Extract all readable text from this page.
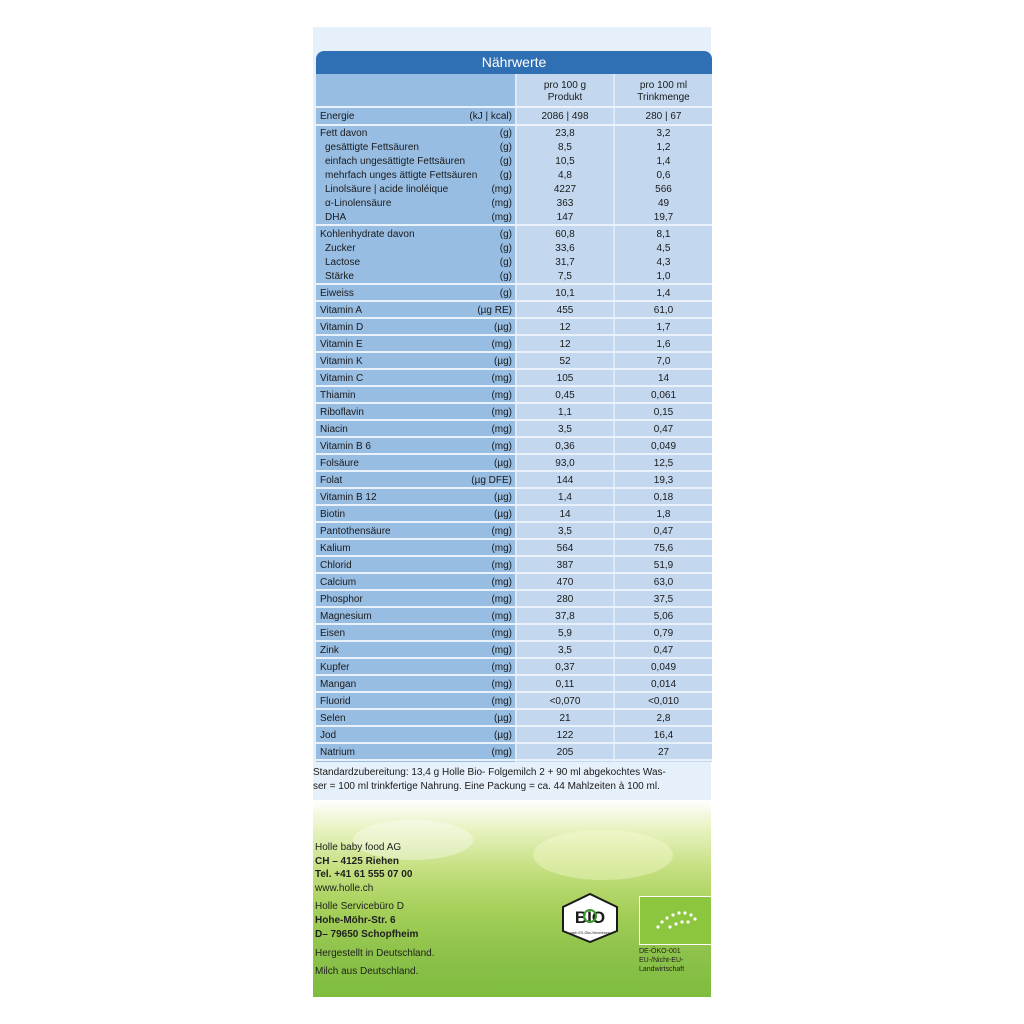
Nährwerte
pro 100 g
Produkt
pro 100 ml
Trinkmenge
Energie	(kJ | kcal)	2086 | 498	280 | 67
Fett davon	(g)	23,8	3,2
gesättigte Fettsäuren	(g)	8,5	1,2
einfach ungesättigte Fettsäuren	(g)	10,5	1,4
mehrfach unges ättigte Fettsäuren (g)	4,8	0,6
Linolsäure | acide linoléique	(mg)	4227	566
α-Linolensäure	(mg)	363	49
DHA	(mg)	147	19,7
Kohlenhydrate davon	(g)	60,8	8,1
Zucker	(g)	33,6	4,5
Lactose	(g)	31,7	4,3
Stärke	(g)	7,5	1,0
Eiweiss	(g)	10,1	1,4
Vitamin A	(µg RE)	455	61,0
Vitamin D	(µg)	12	1,7
Vitamin E	(mg)	12	1,6
Vitamin K	(µg)	52	7,0
Vitamin C	(mg)	105	14
Thiamin	(mg)	0,45	0,061
Riboflavin	(mg)	1,1	0,15
Niacin	(mg)	3,5	0,47
Vitamin B 6	(mg)	0,36	0,049
Folsäure	(µg)	93,0	12,5
Folat	(µg DFE)	144	19,3
Vitamin B 12	(µg)	1,4	0,18
Biotin	(µg)	14	1,8
Pantothensäure	(mg)	3,5	0,47
Kalium	(mg)	564	75,6
Chlorid	(mg)	387	51,9
Calcium	(mg)	470	63,0
Phosphor	(mg)	280	37,5
Magnesium	(mg)	37,8	5,06
Eisen	(mg)	5,9	0,79
Zink	(mg)	3,5	0,47
Kupfer	(mg)	0,37	0,049
Mangan	(mg)	0,11	0,014
Fluorid	(mg)	<0,070	<0,010
Selen	(µg)	21	2,8
Jod	(µg)	122	16,4
Natrium	(mg)	205	27
Standardzubereitung: 13,4 g Holle Bio- Folgemilch 2 + 90 ml abgekochtes Was-
ser = 100 ml trinkfertige Nahrung. Eine Packung = ca. 44 Mahlzeiten à 100 ml.
Holle baby food AG
CH – 4125 Riehen
Tel. +41 61 555 07 00
www.holle.ch
Holle Servicebüro D
Hohe-Möhr-Str. 6
D– 79650 Schopfheim
Hergestellt in Deutschland.
Milch aus Deutschland.
BIO
nach EG-Öko-Verordnung
DE-ÖKO-001
EU-/Nicht-EU-
Landwirtschaft
